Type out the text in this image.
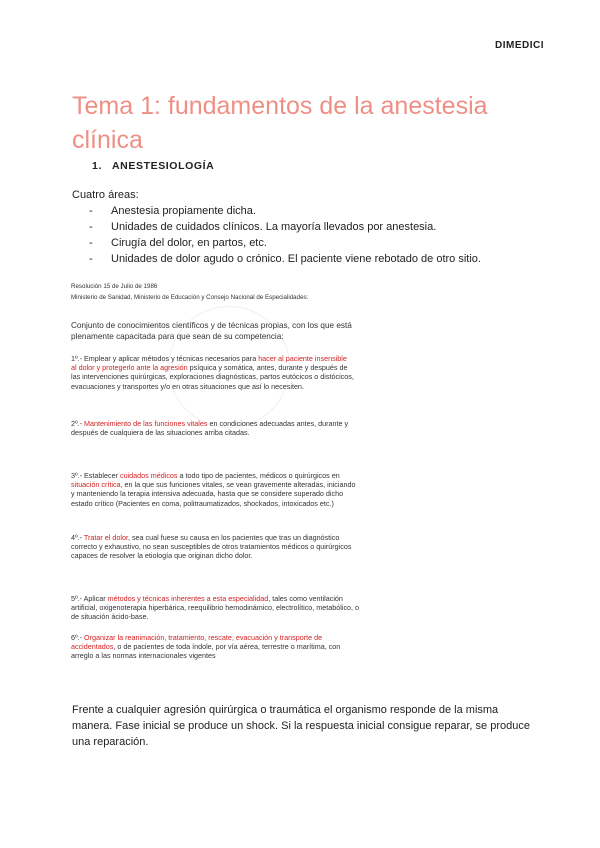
DIMEDICI
Tema 1: fundamentos de la anestesia clínica
1. ANESTESIOLOGÍA
Cuatro áreas:
- Anestesia propiamente dicha.
- Unidades de cuidados clínicos. La mayoría llevados por anestesia.
- Cirugía del dolor, en partos, etc.
- Unidades de dolor agudo o crónico. El paciente viene rebotado de otro sitio.

Resolución 15 de Julio de 1986

Ministerio de Sanidad, Ministerio de Educación y Consejo Nacional de Especialidades:

Conjunto de conocimientos científicos y de técnicas propias, con los que está plenamente capacitada para que sean de su competencia:

1º.- Emplear y aplicar métodos y técnicas necesarios para hacer al paciente insensible al dolor y protegerlo ante la agresión psíquica y somática, antes, durante y después de las intervenciones quirúrgicas, exploraciones diagnósticas, partos eutócicos o distócicos, evacuaciones y transportes y/o en otras situaciones que así lo necesiten.

2º.- Mantenimiento de las funciones vitales en condiciones adecuadas antes, durante y después de cualquiera de las situaciones arriba citadas.

3º.- Establecer cuidados médicos a todo tipo de pacientes, médicos o quirúrgicos en situación crítica, en la que sus funciones vitales, se vean gravemente alteradas, iniciando y manteniendo la terapia intensiva adecuada, hasta que se considere superado dicho estado crítico (Pacientes en coma, politraumatizados, shockados, intoxicados etc.)

4º.- Tratar el dolor, sea cual fuese su causa en los pacientes que tras un diagnóstico correcto y exhaustivo, no sean susceptibles de otros tratamientos médicos o quirúrgicos capaces de resolver la etiología que originan dicho dolor.

5º.- Aplicar métodos y técnicas inherentes a esta especialidad, tales como ventilación artificial, oxigenoterapia hiperbárica, reequilibrio hemodinámico, electrolítico, metabólico, o de situación ácido-base.

6º.- Organizar la reanimación, tratamiento, rescate, evacuación y transporte de accidentados, o de pacientes de toda índole, por vía aérea, terrestre o marítima, con arreglo a las normas internacionales vigentes

Frente a cualquier agresión quirúrgica o traumática el organismo responde de la misma manera. Fase inicial se produce un shock. Si la respuesta inicial consigue reparar, se produce una reparación.
